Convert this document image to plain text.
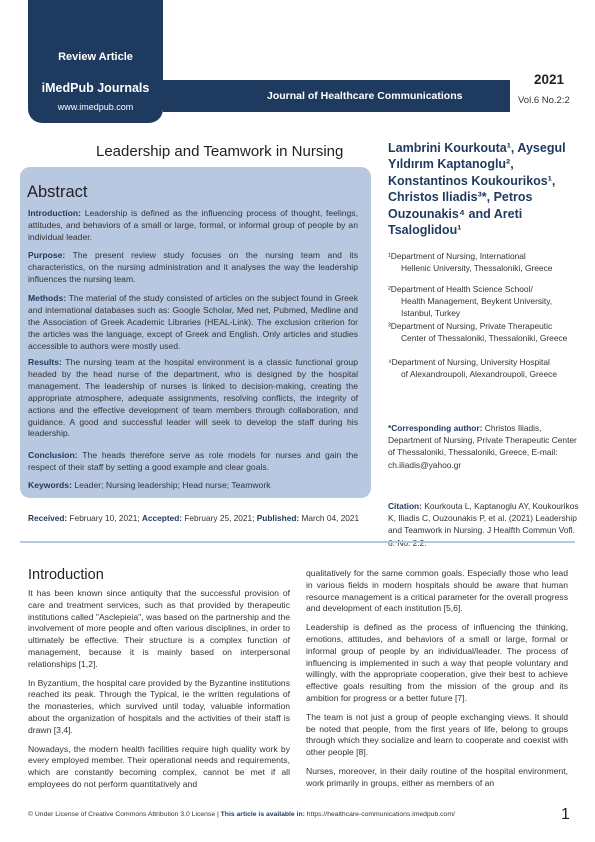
Review Article
iMedPub Journals
www.imedpub.com
Journal of Healthcare Communications
2021
Vol.6 No.2:2
Leadership and Teamwork in Nursing
Abstract
Introduction: Leadership is defined as the influencing process of thought, feelings, attitudes, and behaviors of a small or large, formal, or informal group of people by an individual leader.
Purpose: The present review study focuses on the nursing team and its characteristics, on the nursing administration and it analyses the way the leadership influences the nursing team.
Methods: The material of the study consisted of articles on the subject found in Greek and international databases such as: Google Scholar, Med net, Pubmed, Medline and the Association of Greek Academic Libraries (HEAL-Link). The exclusion criterion for the articles was the language, except of Greek and English. Only articles and studies accessible to authors were mostly used.
Results: The nursing team at the hospital environment is a classic functional group headed by the head nurse of the department, who is designed by the hospital management. The leadership of nurses is linked to decision-making, creating the appropriate atmosphere, adequate assignments, resolving conflicts, the integrity of actions and the effective development of team members through collaboration, and guidance. A good and successful leader will seek to develop the staff during his leadership.
Conclusion: The heads therefore serve as role models for nurses and gain the respect of their staff by setting a good example and clear goals.
Keywords: Leader; Nursing leadership; Head nurse; Teamwork
Received: February 10, 2021; Accepted: February 25, 2021; Published: March 04, 2021
Lambrini Kourkouta¹, Aysegul Yıldırım Kaptanoglu², Konstantinos Koukourikos¹, Christos Iliadis³*, Petros Ouzounakis⁴ and Areti Tsaloglidou¹
¹Department of Nursing, International
Hellenic University, Thessaloniki, Greece
²Department of Health Science School/
Health Management, Beykent University, Istanbul, Turkey
³Department of Nursing, Private Therapeutic
Center of Thessaloniki, Thessaloniki, Greece
⁴Department of Nursing, University Hospital
of Alexandroupoli, Alexandroupoli, Greece
*Corresponding author: Christos Iliadis, Department of Nursing, Private Therapeutic Center of Thessaloniki, Thessaloniki, Greece, E-mail: ch.iliadis@yahoo.gr
Citation: Kourkouta L, Kaptanoglu AY, Koukourikos K, Iliadis C, Ouzounakis P, et al. (2021) Leadership and Teamwork in Nursing. J Healfth Commun Vofl.
Introduction

It has been known since antiquity that the successful provision of care and treatment services, such as that provided by therapeutic institutions called "Asclepieia", was based on the partnership and the involvement of more people and often various disciplines, in order to ultimately be effective. Their structure is a complex function of management, because it is mainly based on interpersonal relationships [1,2].

In Byzantium, the hospital care provided by the Byzantine institutions reached its peak. Through the Typical, ie the written regulations of the monasteries, which survived until today, valuable information about the organization of hospitals and the activities of their staff is drawn [3,4].

Nowadays, the modern health facilities require high quality work by every employed member. Their operational needs and requirements, which are constantly becoming complex, cannot be met if all employees do not perform quantitatively and

qualitatively for the same common goals. Especially those who lead in various fields in modern hospitals should be aware that human resource management is a critical parameter for the overall progress and development of each institution [5,6].

Leadership is defined as the process of influencing the thinking, emotions, attitudes, and behaviors of a small or large, formal or informal group of people by an individual/leader. The process of influencing is implemented in such a way that people voluntary and willingly, with the appropriate cooperation, give their best to achieve effective goals resulting from the mission of the group and its ambition for progress or a better future [7].

The team is not just a group of people exchanging views. It should be noted that people, from the first years of life, belong to groups through which they socialize and learn to cooperate and coexist with other people [8].

Nurses, moreover, in their daily routine of the hospital environment, work primarily in groups, either as members of an

© Under License of Creative Commons Attribution 3.0 License | This article is available in: https://healthcare-communications.imedpub.com/	1
